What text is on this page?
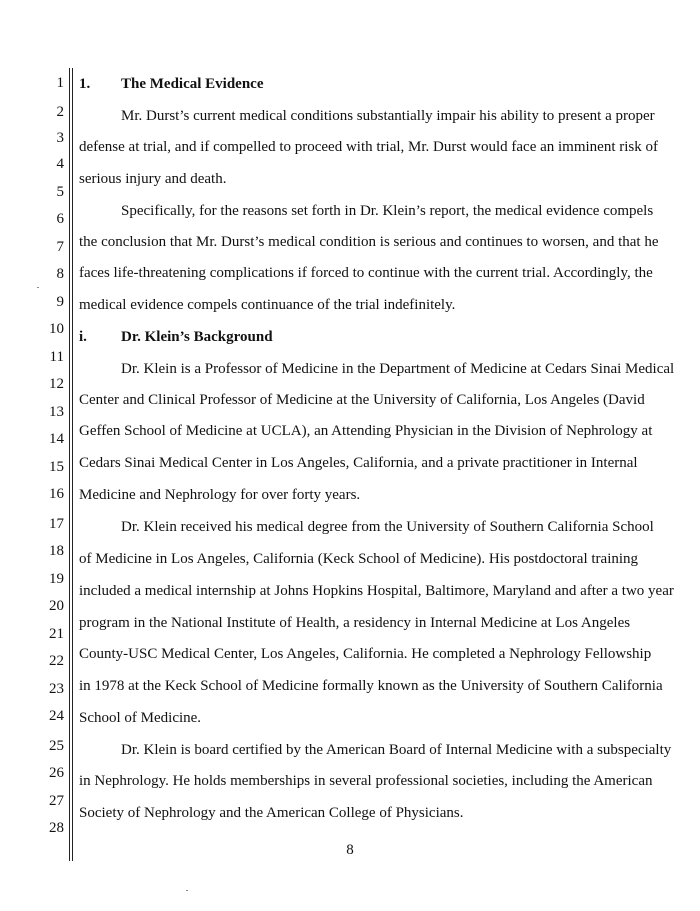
1
2
3
4
5
6
7
8
9
10
11
12
13
14
15
16
17
18
19
20
21
22
23
24
25
26
27
28
1. The Medical Evidence
Mr. Durst’s current medical conditions substantially impair his ability to present a proper
defense at trial, and if compelled to proceed with trial, Mr. Durst would face an imminent risk of
serious injury and death.
Specifically, for the reasons set forth in Dr. Klein’s report, the medical evidence compels
the conclusion that Mr. Durst’s medical condition is serious and continues to worsen, and that he
faces life-threatening complications if forced to continue with the current trial. Accordingly, the
medical evidence compels continuance of the trial indefinitely.
i. Dr. Klein’s Background
Dr. Klein is a Professor of Medicine in the Department of Medicine at Cedars Sinai Medical
Center and Clinical Professor of Medicine at the University of California, Los Angeles (David
Geffen School of Medicine at UCLA), an Attending Physician in the Division of Nephrology at
Cedars Sinai Medical Center in Los Angeles, California, and a private practitioner in Internal
Medicine and Nephrology for over forty years.
Dr. Klein received his medical degree from the University of Southern California School
of Medicine in Los Angeles, California (Keck School of Medicine). His postdoctoral training
included a medical internship at Johns Hopkins Hospital, Baltimore, Maryland and after a two year
program in the National Institute of Health, a residency in Internal Medicine at Los Angeles
County-USC Medical Center, Los Angeles, California. He completed a Nephrology Fellowship
in 1978 at the Keck School of Medicine formally known as the University of Southern California
School of Medicine.
Dr. Klein is board certified by the American Board of Internal Medicine with a subspecialty
in Nephrology. He holds memberships in several professional societies, including the American
Society of Nephrology and the American College of Physicians.
8
